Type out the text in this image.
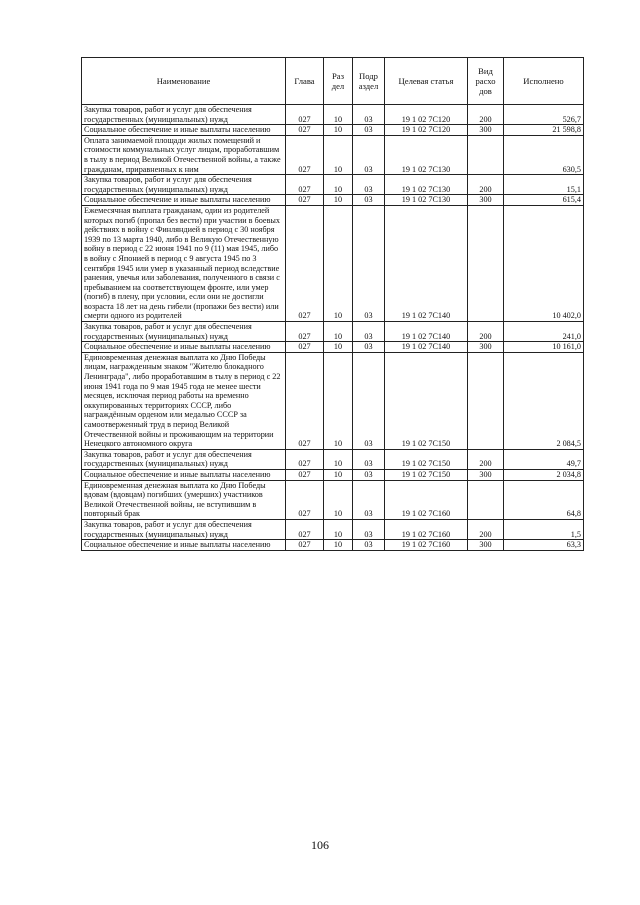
Наименование	Глава	Раз дел	Подр аздел	Целевая статья	Вид расхо дов	Исполнено
Закупка товаров, работ и услуг для обеспечения государственных (муниципальных) нужд	027	10	03	19 1 02 7C120	200	526,7
Социальное обеспечение и иные выплаты населению	027	10	03	19 1 02 7C120	300	21 598,8
Оплата занимаемой площади жилых помещений и стоимости коммунальных услуг лицам, проработавшим в тылу в период Великой Отечественной войны, а также гражданам, приравненных к ним	027	10	03	19 1 02 7C130		630,5
Закупка товаров, работ и услуг для обеспечения государственных (муниципальных) нужд	027	10	03	19 1 02 7C130	200	15,1
Социальное обеспечение и иные выплаты населению	027	10	03	19 1 02 7C130	300	615,4
Ежемесячная выплата гражданам, один из родителей которых погиб (пропал без вести) при участии в боевых действиях в войну с Финляндией в период с 30 ноября 1939 по 13 марта 1940, либо в Великую Отечественную войну в период с 22 июня 1941 по 9 (11) мая 1945, либо в войну с Японией в период с 9 августа 1945 по 3 сентября 1945 или умер в указанный период вследствие ранения, увечья или заболевания, полученного в связи с пребыванием на соответствующем фронте, или умер (погиб) в плену, при условии, если они не достигли возраста 18 лет на день гибели (пропажи без вести) или смерти одного из родителей	027	10	03	19 1 02 7C140		10 402,0
Закупка товаров, работ и услуг для обеспечения государственных (муниципальных) нужд	027	10	03	19 1 02 7C140	200	241,0
Социальное обеспечение и иные выплаты населению	027	10	03	19 1 02 7C140	300	10 161,0
Единовременная денежная выплата ко Дню Победы лицам, награжденным знаком "Жителю блокадного Ленинграда", либо проработавшим в тылу в период с 22 июня 1941 года по 9 мая 1945 года не менее шести месяцев, исключая период работы на временно оккупированных территориях СССР, либо награждённым орденом или медалью СССР за самоотверженный труд в период Великой Отечественной войны и проживающим на территории Ненецкого автономного округа	027	10	03	19 1 02 7C150		2 084,5
Закупка товаров, работ и услуг для обеспечения государственных (муниципальных) нужд	027	10	03	19 1 02 7C150	200	49,7
Социальное обеспечение и иные выплаты населению	027	10	03	19 1 02 7C150	300	2 034,8
Единовременная денежная выплата ко Дню Победы вдовам (вдовцам) погибших (умерших) участников Великой Отечественной войны, не вступившим в повторный брак	027	10	03	19 1 02 7C160		64,8
Закупка товаров, работ и услуг для обеспечения государственных (муниципальных) нужд	027	10	03	19 1 02 7C160	200	1,5
Социальное обеспечение и иные выплаты населению	027	10	03	19 1 02 7C160	300	63,3
106
